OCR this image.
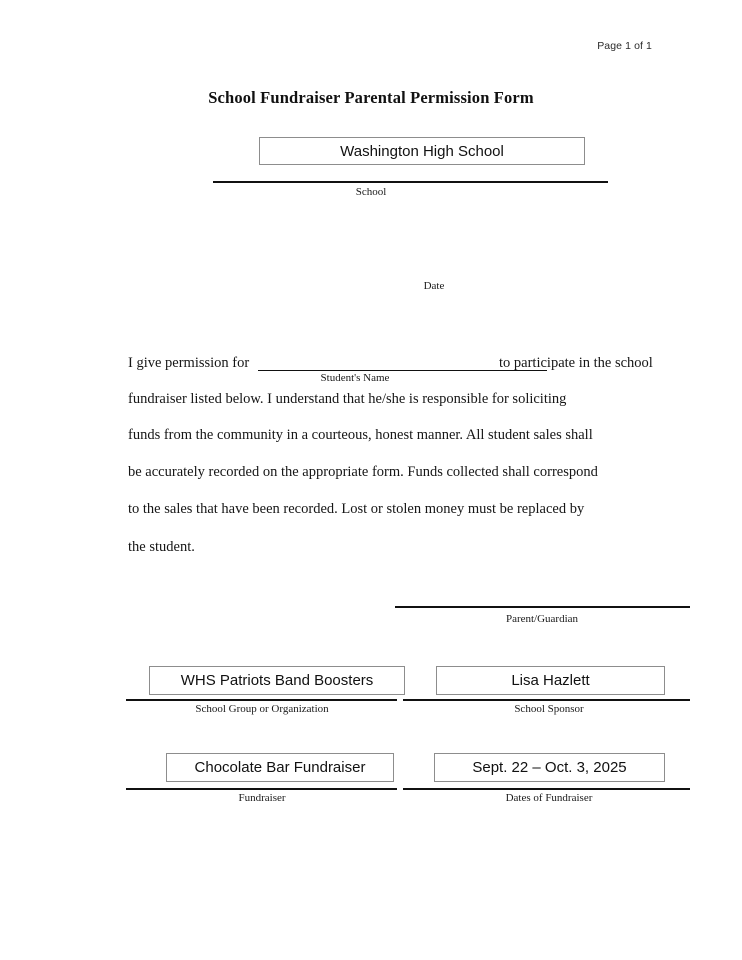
Page 1 of 1
School Fundraiser Parental Permission Form
Washington High School
School
Date
I give permission for	to participate in the school
Student's Name
fundraiser listed below. I understand that he/she is responsible for soliciting
funds from the community in a courteous, honest manner. All student sales shall
be accurately recorded on the appropriate form. Funds collected shall correspond
to the sales that have been recorded. Lost or stolen money must be replaced by
the student.
Parent/Guardian
WHS Patriots Band Boosters
School Group or Organization
Lisa Hazlett
School Sponsor
Chocolate Bar Fundraiser
Fundraiser
Sept. 22 – Oct. 3, 2025
Dates of Fundraiser
